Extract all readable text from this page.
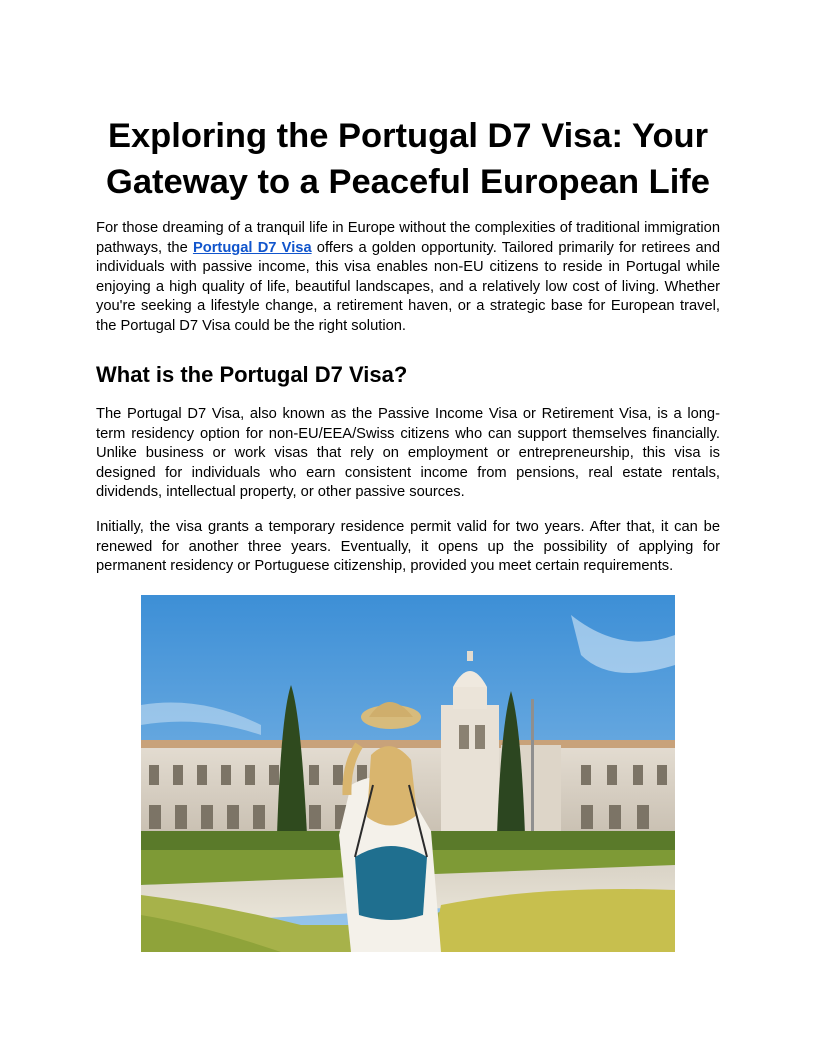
Exploring the Portugal D7 Visa: Your Gateway to a Peaceful European Life

For those dreaming of a tranquil life in Europe without the complexities of traditional immigration pathways, the Portugal D7 Visa offers a golden opportunity. Tailored primarily for retirees and individuals with passive income, this visa enables non-EU citizens to reside in Portugal while enjoying a high quality of life, beautiful landscapes, and a relatively low cost of living. Whether you're seeking a lifestyle change, a retirement haven, or a strategic base for European travel, the Portugal D7 Visa could be the right solution.

What is the Portugal D7 Visa?

The Portugal D7 Visa, also known as the Passive Income Visa or Retirement Visa, is a long-term residency option for non-EU/EEA/Swiss citizens who can support themselves financially. Unlike business or work visas that rely on employment or entrepreneurship, this visa is designed for individuals who earn consistent income from pensions, real estate rentals, dividends, intellectual property, or other passive sources.

Initially, the visa grants a temporary residence permit valid for two years. After that, it can be renewed for another three years. Eventually, it opens up the possibility of applying for permanent residency or Portuguese citizenship, provided you meet certain requirements.
